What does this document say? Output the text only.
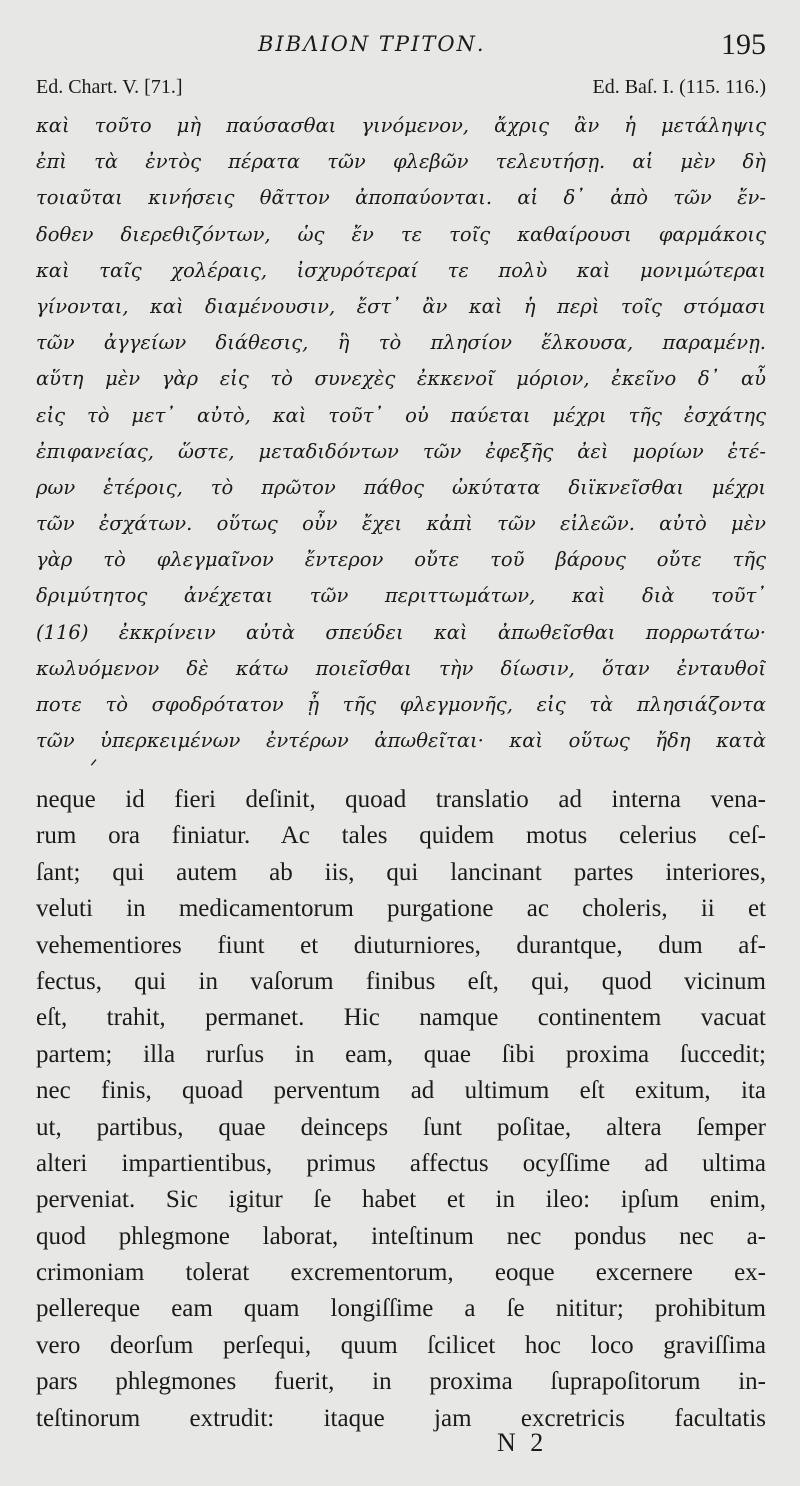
BIBΛΙΟΝ ΤΡΙΤΟΝ.	195
Ed. Chart. V. [71.]	Ed. Baſ. I. (115. 116.)
καὶ τοῦτο μὴ παύσασθαι γινόμενον, ἄχρις ἂν ἡ μετάληψις
ἐπὶ τὰ ἐντὸς πέρατα τῶν φλεβῶν τελευτήσῃ. αἱ μὲν δὴ
τοιαῦται κινήσεις θᾶττον ἀποπαύονται. αἱ δ᾽ ἀπὸ τῶν ἔν-
δοθεν διερεθιζόντων, ὡς ἔν τε τοῖς καθαίρουσι φαρμάκοις
καὶ ταῖς χολέραις, ἰσχυρότεραί τε πολὺ καὶ μονιμώτεραι
γίνονται, καὶ διαμένουσιν, ἔστ᾽ ἂν καὶ ἡ περὶ τοῖς στόμασι
τῶν ἀγγείων διάθεσις, ἣ τὸ πλησίον ἕλκουσα, παραμένῃ.
αὕτη μὲν γὰρ εἰς τὸ συνεχὲς ἐκκενοῖ μόριον, ἐκεῖνο δ᾽ αὖ
εἰς τὸ μετ᾽ αὐτὸ, καὶ τοῦτ᾽ οὐ παύεται μέχρι τῆς ἐσχάτης
ἐπιφανείας, ὥστε, μεταδιδόντων τῶν ἐφεξῆς ἀεὶ μορίων ἑτέ-
ρων ἑτέροις, τὸ πρῶτον πάθος ὠκύτατα διϊκνεῖσθαι μέχρι
τῶν ἐσχάτων. οὕτως οὖν ἔχει κἀπὶ τῶν εἰλεῶν. αὐτὸ μὲν
γὰρ τὸ φλεγμαῖνον ἔντερον οὔτε τοῦ βάρους οὔτε τῆς
δριμύτητος ἀνέχεται τῶν περιττωμάτων, καὶ διὰ τοῦτ᾽
(116) ἐκκρίνειν αὐτὰ σπεύδει καὶ ἀπωθεῖσθαι πορρωτάτω·
κωλυόμενον δὲ κάτω ποιεῖσθαι τὴν δίωσιν, ὅταν ἐνταυθοῖ
ποτε τὸ σφοδρότατον ᾖ τῆς φλεγμονῆς, εἰς τὰ πλησιάζοντα
τῶν ὑπερκειμένων ἐντέρων ἀπωθεῖται· καὶ οὕτως ἤδη κατὰ
ᐟ
neque id fieri deſinit, quoad translatio ad interna vena-
rum ora finiatur. Ac tales quidem motus celerius ceſ-
ſant; qui autem ab iis, qui lancinant partes interiores,
veluti in medicamentorum purgatione ac choleris, ii et
vehementiores fiunt et diuturniores, durantque, dum af-
fectus, qui in vaſorum finibus eſt, qui, quod vicinum
eſt, trahit, permanet. Hic namque continentem vacuat
partem; illa rurſus in eam, quae ſibi proxima ſuccedit;
nec finis, quoad perventum ad ultimum eſt exitum, ita
ut, partibus, quae deinceps ſunt poſitae, altera ſemper
alteri impartientibus, primus affectus ocyſſime ad ultima
perveniat. Sic igitur ſe habet et in ileo: ipſum enim,
quod phlegmone laborat, inteſtinum nec pondus nec a-
crimoniam tolerat excrementorum, eoque excernere ex-
pellereque eam quam longiſſime a ſe nititur; prohibitum
vero deorſum perſequi, quum ſcilicet hoc loco graviſſima
pars phlegmones fuerit, in proxima ſuprapoſitorum in-
teſtinorum extrudit: itaque jam excretricis facultatis
N 2
